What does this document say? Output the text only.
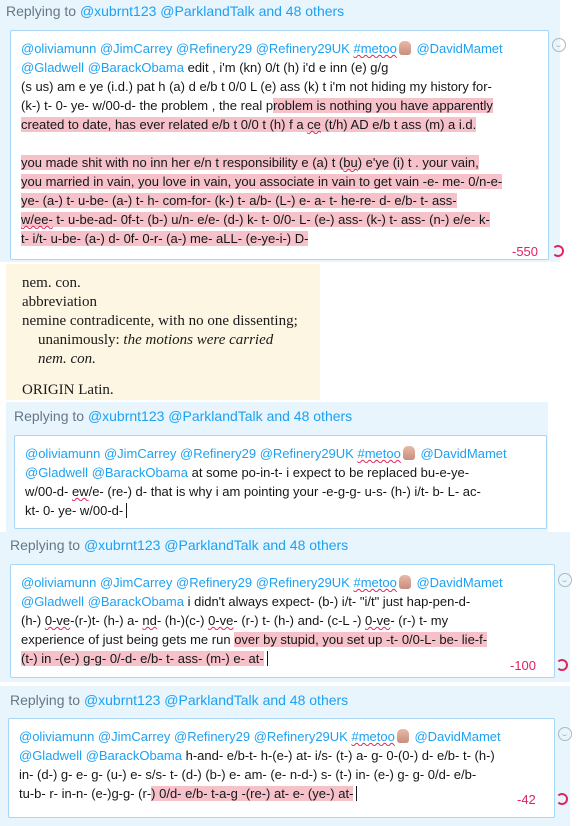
Replying to @xubrnt123 @ParklandTalk and 48 others
@oliviamunn @JimCarrey @Refinery29 @Refinery29UK #metoo @DavidMamet
@Gladwell @BarackObama edit , i'm (kn) 0/t (h) i'd e inn (e) g/g
(s us) am e ye (i.d.) pat h (a) d e/b t 0/0 L (e) ass (k) t i'm not hiding my history for-
(k-) t- 0- ye- w/00-d- the problem , the real problem is nothing you have apparently
created to date, has ever related e/b t 0/0 t (h) f a ce (t/h) AD e/b t ass (m) a i.d.
you made shit with no inn her e/n t responsibility e (a) t (bu) e'ye (i) t . your vain,
you married in vain, you love in vain, you associate in vain to get vain -e- me- 0/n-e-
ye- (a-) t- u-be- (a-) t- h- com-for- (k-) t- a/b- (L-) e- a- t- he-re- d- e/b- t- ass-
w/ee- t- u-be-ad- 0f-t- (b-) u/n- e/e- (d-) k- t- 0/0- L- (e-) ass- (k-) t- ass- (n-) e/e- k-
t- i/t- u-be- (a-) d- 0f- 0-r- (a-) me- aLL- (e-ye-i-) D-
-550
nem. con.
abbreviation
nemine contradicente, with no one dissenting;
unanimously: the motions were carried
nem. con.
ORIGIN Latin.
Replying to @xubrnt123 @ParklandTalk and 48 others
@oliviamunn @JimCarrey @Refinery29 @Refinery29UK #metoo @DavidMamet
@Gladwell @BarackObama at some po-in-t- i expect to be replaced bu-e-ye-
w/00-d- ew/e- (re-) d- that is why i am pointing your -e-g-g- u-s- (h-) i/t- b- L- ac-
kt- 0- ye- w/00-d-
Replying to @xubrnt123 @ParklandTalk and 48 others
@oliviamunn @JimCarrey @Refinery29 @Refinery29UK #metoo @DavidMamet
@Gladwell @BarackObama i didn't always expect- (b-) i/t- "i/t" just hap-pen-d-
(h-) 0-ve-(r-)t- (h-) a- nd- (h-)(c-) 0-ve- (r-) t- (h-) and- (c-L -) 0-ve- (r-) t- my
experience of just being gets me run over by stupid, you set up -t- 0/0-L- be- lie-f-
(t-) in -(e-) g-g- 0/-d- e/b- t- ass- (m-) e- at-	-100
Replying to @xubrnt123 @ParklandTalk and 48 others
@oliviamunn @JimCarrey @Refinery29 @Refinery29UK #metoo @DavidMamet
@Gladwell @BarackObama h-and- e/b-t- h-(e-) at- i/s- (t-) a- g- 0-(0-) d- e/b- t- (h-)
in- (d-) g- e- g- (u-) e- s/s- t- (d-) (b-) e- am- (e- n-d-) s- (t-) in- (e-) g- g- 0/d- e/b-
tu-b- r- in-n- (e-)g-g- (r-) 0/d- e/b- t-a-g -(re-) at- e- (ye-) at-	-42
